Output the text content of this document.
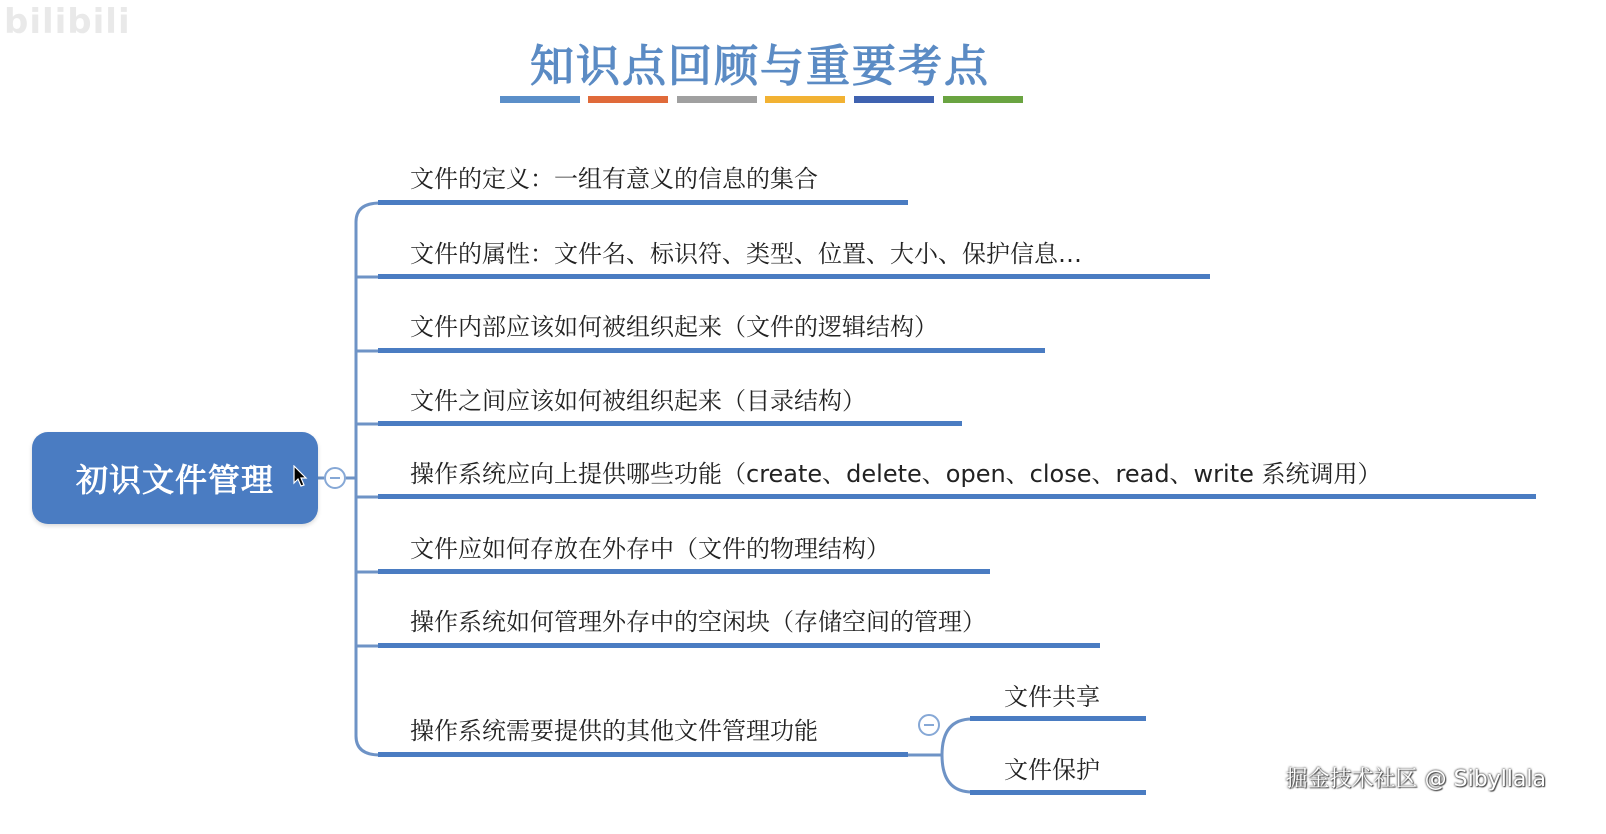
bilibili
知识点回顾与重要考点
初识文件管理
文件的定义：一组有意义的信息的集合
文件的属性：文件名、标识符、类型、位置、大小、保护信息…
文件内部应该如何被组织起来（文件的逻辑结构）
文件之间应该如何被组织起来（目录结构）
操作系统应向上提供哪些功能（create、delete、open、close、read、write 系统调用）
文件应如何存放在外存中（文件的物理结构）
操作系统如何管理外存中的空闲块（存储空间的管理）
操作系统需要提供的其他文件管理功能
文件共享
文件保护	掘金技术社区 @ Sibyllala
